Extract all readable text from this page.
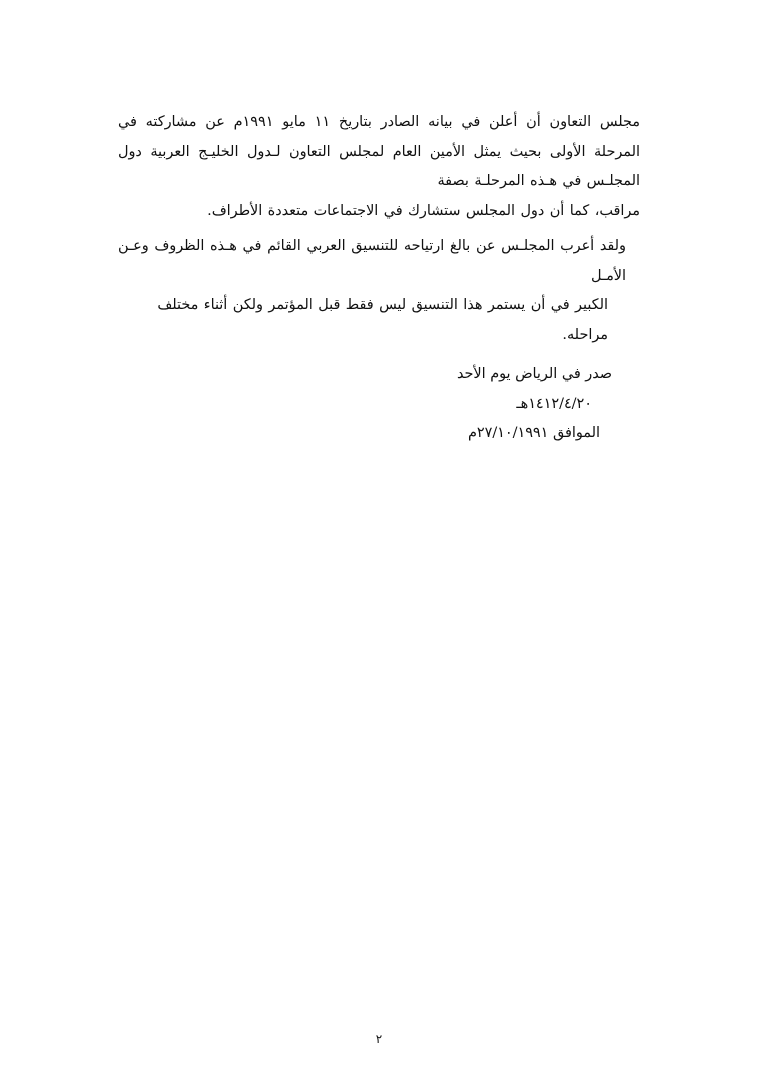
مجلس التعاون أن أعلن في بيانه الصادر بتاريخ ١١ مايو ١٩٩١م عن مشاركته في المرحلة الأولى بحيث يمثل الأمين العام لمجلس التعاون لـدول الخليـج العربية دول المجلـس في هـذه المرحلـة بصفة
مراقب، كما أن دول المجلس ستشارك في الاجتماعات متعددة الأطراف.

ولقد أعرب المجلـس عن بالغ ارتياحه للتنسيق العربي القائم في هـذه الظروف وعـن الأمـل
الكبير في أن يستمر هذا التنسيق ليس فقط قبل المؤتمر ولكن أثناء مختلف مراحله.

صدر في الرياض يوم الأحد
١٤١٢/٤/٢٠هـ
الموافق ٢٧/١٠/١٩٩١م
٢
